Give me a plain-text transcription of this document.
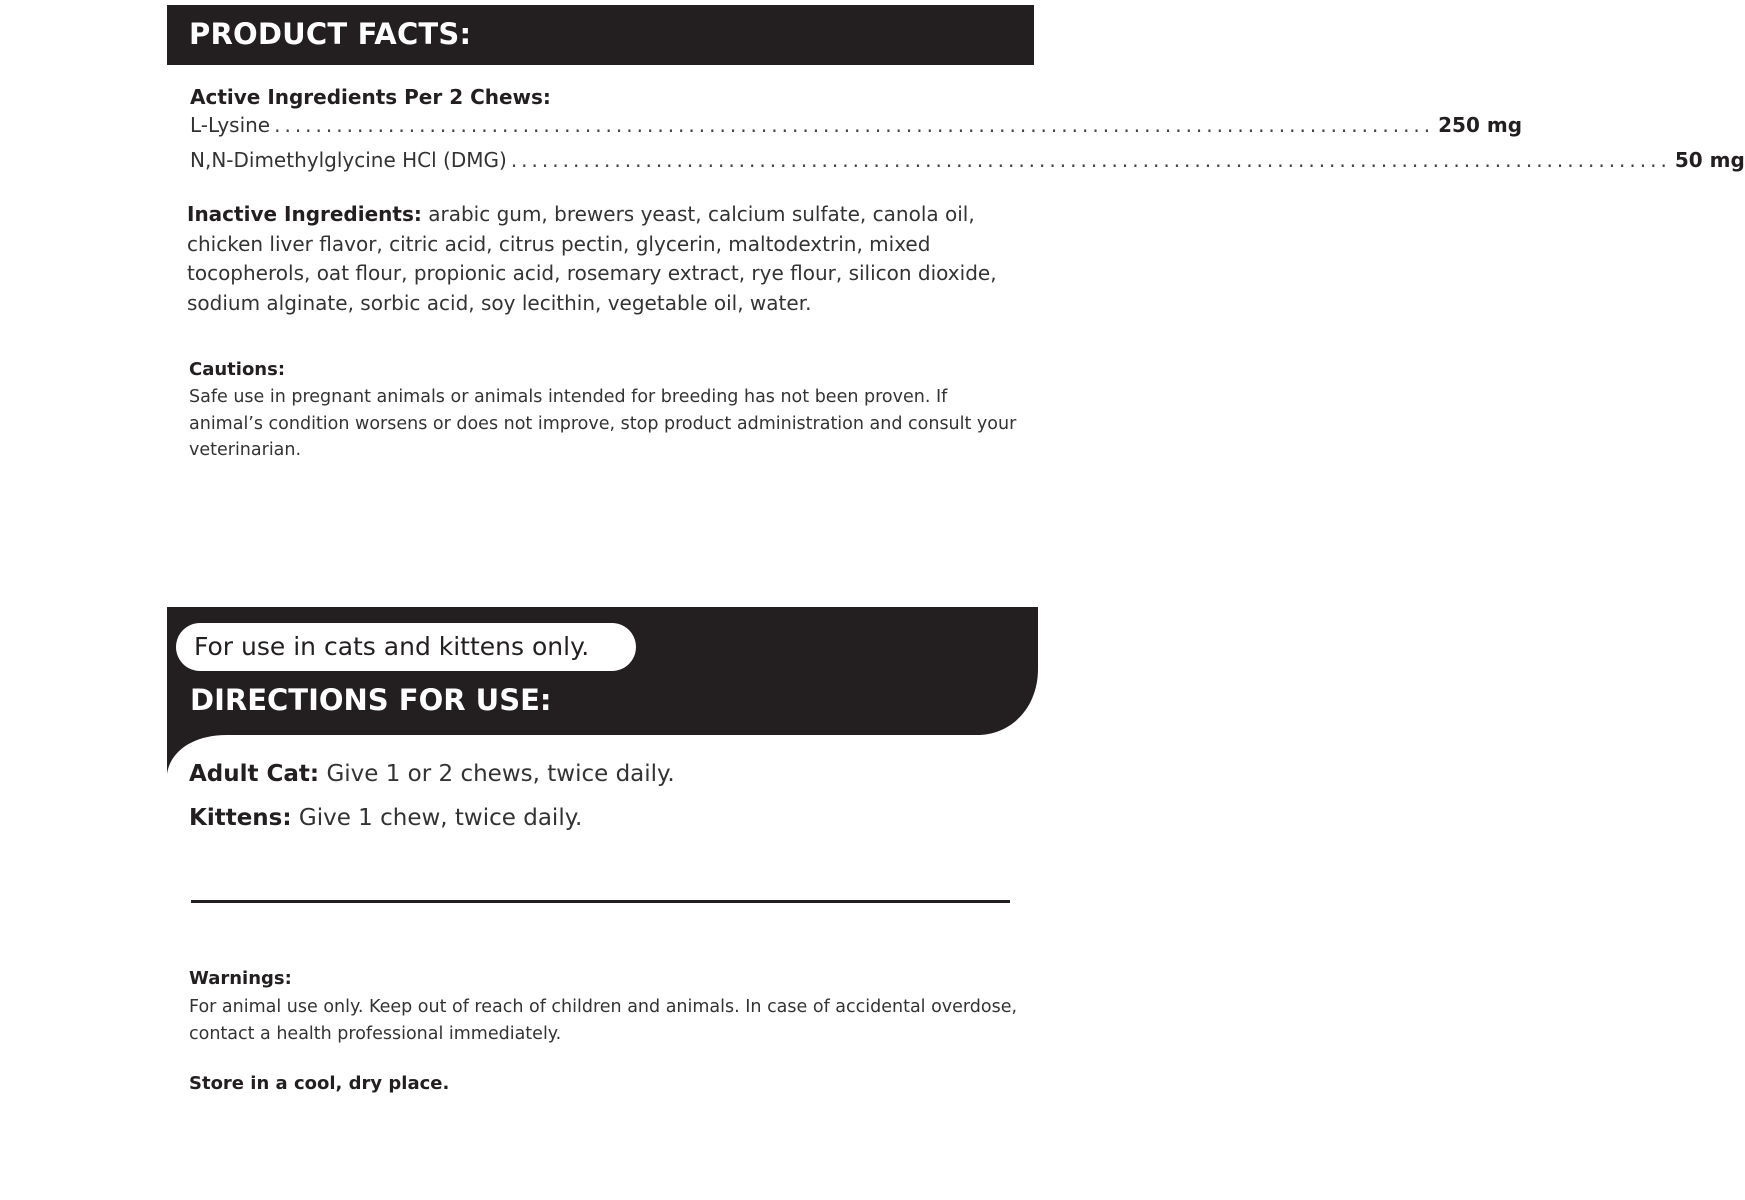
PRODUCT FACTS:
Active Ingredients Per 2 Chews:
L-Lysine ................................................................................................................ 250 mg
N,N-Dimethylglycine HCl (DMG) ................................................................................................................ 50 mg
Inactive Ingredients: arabic gum, brewers yeast, calcium sulfate, canola oil, chicken liver flavor, citric acid, citrus pectin, glycerin, maltodextrin, mixed tocopherols, oat flour, propionic acid, rosemary extract, rye flour, silicon dioxide, sodium alginate, sorbic acid, soy lecithin, vegetable oil, water.
Cautions:
Safe use in pregnant animals or animals intended for breeding has not been proven. If animal’s condition worsens or does not improve, stop product administration and consult your veterinarian.
For use in cats and kittens only.
DIRECTIONS FOR USE:
Adult Cat: Give 1 or 2 chews, twice daily.
Kittens: Give 1 chew, twice daily.
Warnings:
For animal use only. Keep out of reach of children and animals. In case of accidental overdose, contact a health professional immediately.
Store in a cool, dry place.
